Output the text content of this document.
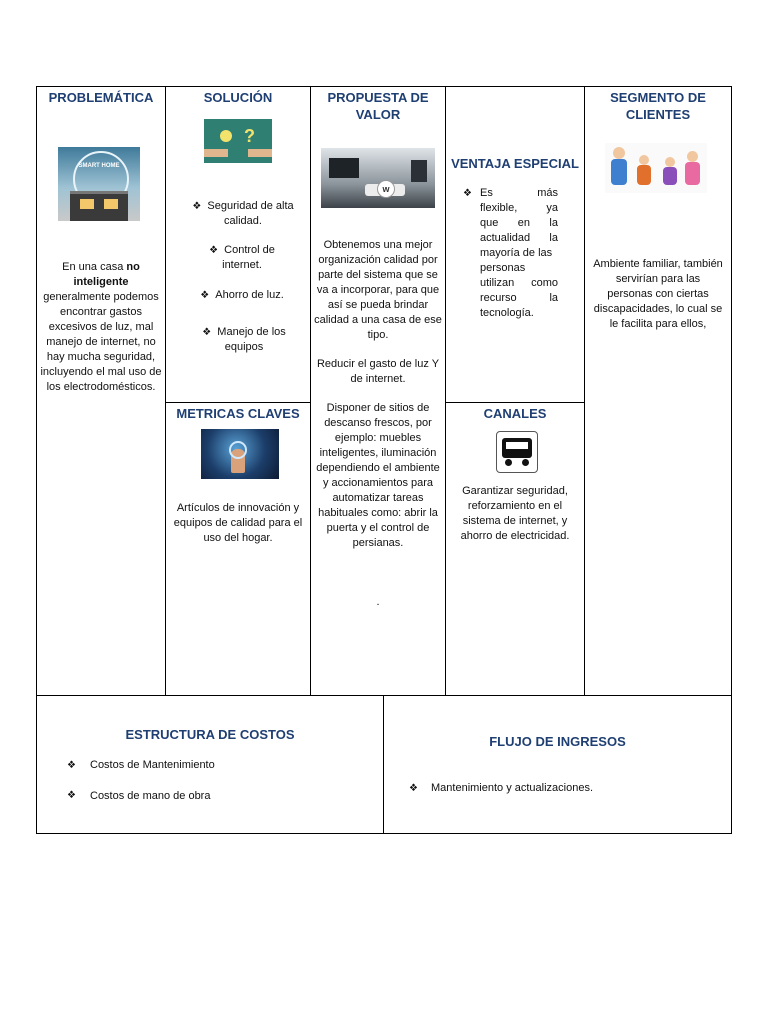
PROBLEMÁTICA
SMART HOME
En una casa no inteligente generalmente podemos encontrar gastos excesivos de luz, mal manejo de internet, no hay mucha seguridad, incluyendo el mal uso de los electrodomésticos.
SOLUCIÓN
?
❖ Seguridad de alta calidad.
❖ Control de internet.
❖ Ahorro de luz.
❖ Manejo de los equipos
METRICAS CLAVES
Artículos de innovación y equipos de calidad para el uso del hogar.
PROPUESTA DE VALOR
w
Obtenemos una mejor organización calidad por parte del sistema que se va a incorporar, para que así se pueda brindar calidad a una casa de ese tipo.
Reducir el gasto de luz Y de internet.
Disponer de sitios de descanso frescos, por ejemplo: muebles inteligentes, iluminación dependiendo el ambiente y accionamientos para automatizar tareas habituales como: abrir la puerta y el control de persianas.
.
VENTAJA ESPECIAL
❖ Es más
flexible, ya
que en la
actualidad la
mayoría de las
personas
utilizan como
recurso la
tecnología.
CANALES
Garantizar seguridad, reforzamiento en el sistema de internet, y ahorro de electricidad.
SEGMENTO DE CLIENTES
Ambiente familiar, también servirían para las personas con ciertas discapacidades, lo cual se le facilita para ellos,
ESTRUCTURA DE COSTOS
❖ Costos de Mantenimiento
❖ Costos de mano de obra
FLUJO DE INGRESOS
❖ Mantenimiento y actualizaciones.
